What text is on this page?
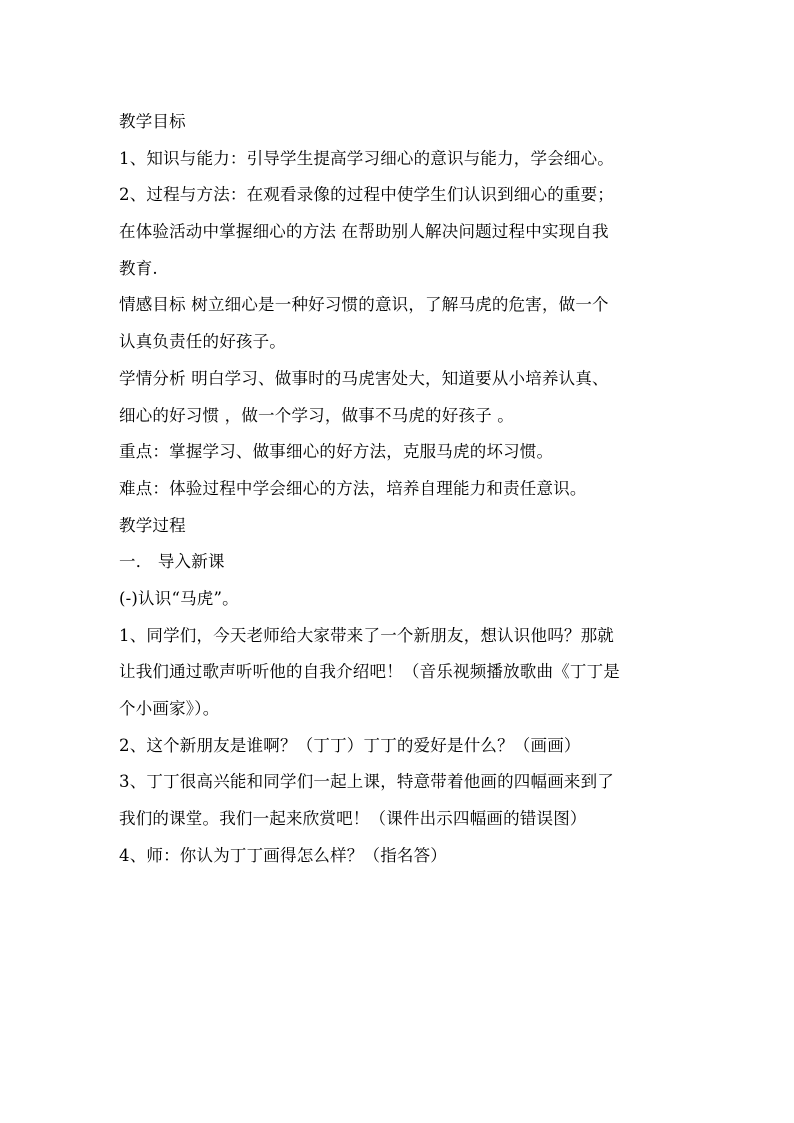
教学目标
1、知识与能力：引导学生提高学习细心的意识与能力，学会细心。
2、过程与方法：在观看录像的过程中使学生们认识到细心的重要；
在体验活动中掌握细心的方法 在帮助别人解决问题过程中实现自我
教育.
情感目标 树立细心是一种好习惯的意识，了解马虎的危害，做一个
认真负责任的好孩子。
学情分析 明白学习、做事时的马虎害处大，知道要从小培养认真、
细心的好习惯 ，做一个学习，做事不马虎的好孩子 。
重点：掌握学习、做事细心的好方法，克服马虎的坏习惯。
难点：体验过程中学会细心的方法，培养自理能力和责任意识。
教学过程
一． 导入新课
(-)认识“马虎”。
1、同学们，今天老师给大家带来了一个新朋友，想认识他吗？那就
让我们通过歌声听听他的自我介绍吧！（音乐视频播放歌曲《丁丁是
个小画家》）。
2、这个新朋友是谁啊？（丁丁）丁丁的爱好是什么？（画画）
3、丁丁很高兴能和同学们一起上课，特意带着他画的四幅画来到了
我们的课堂。我们一起来欣赏吧！（课件出示四幅画的错误图）
4、师：你认为丁丁画得怎么样？（指名答）
